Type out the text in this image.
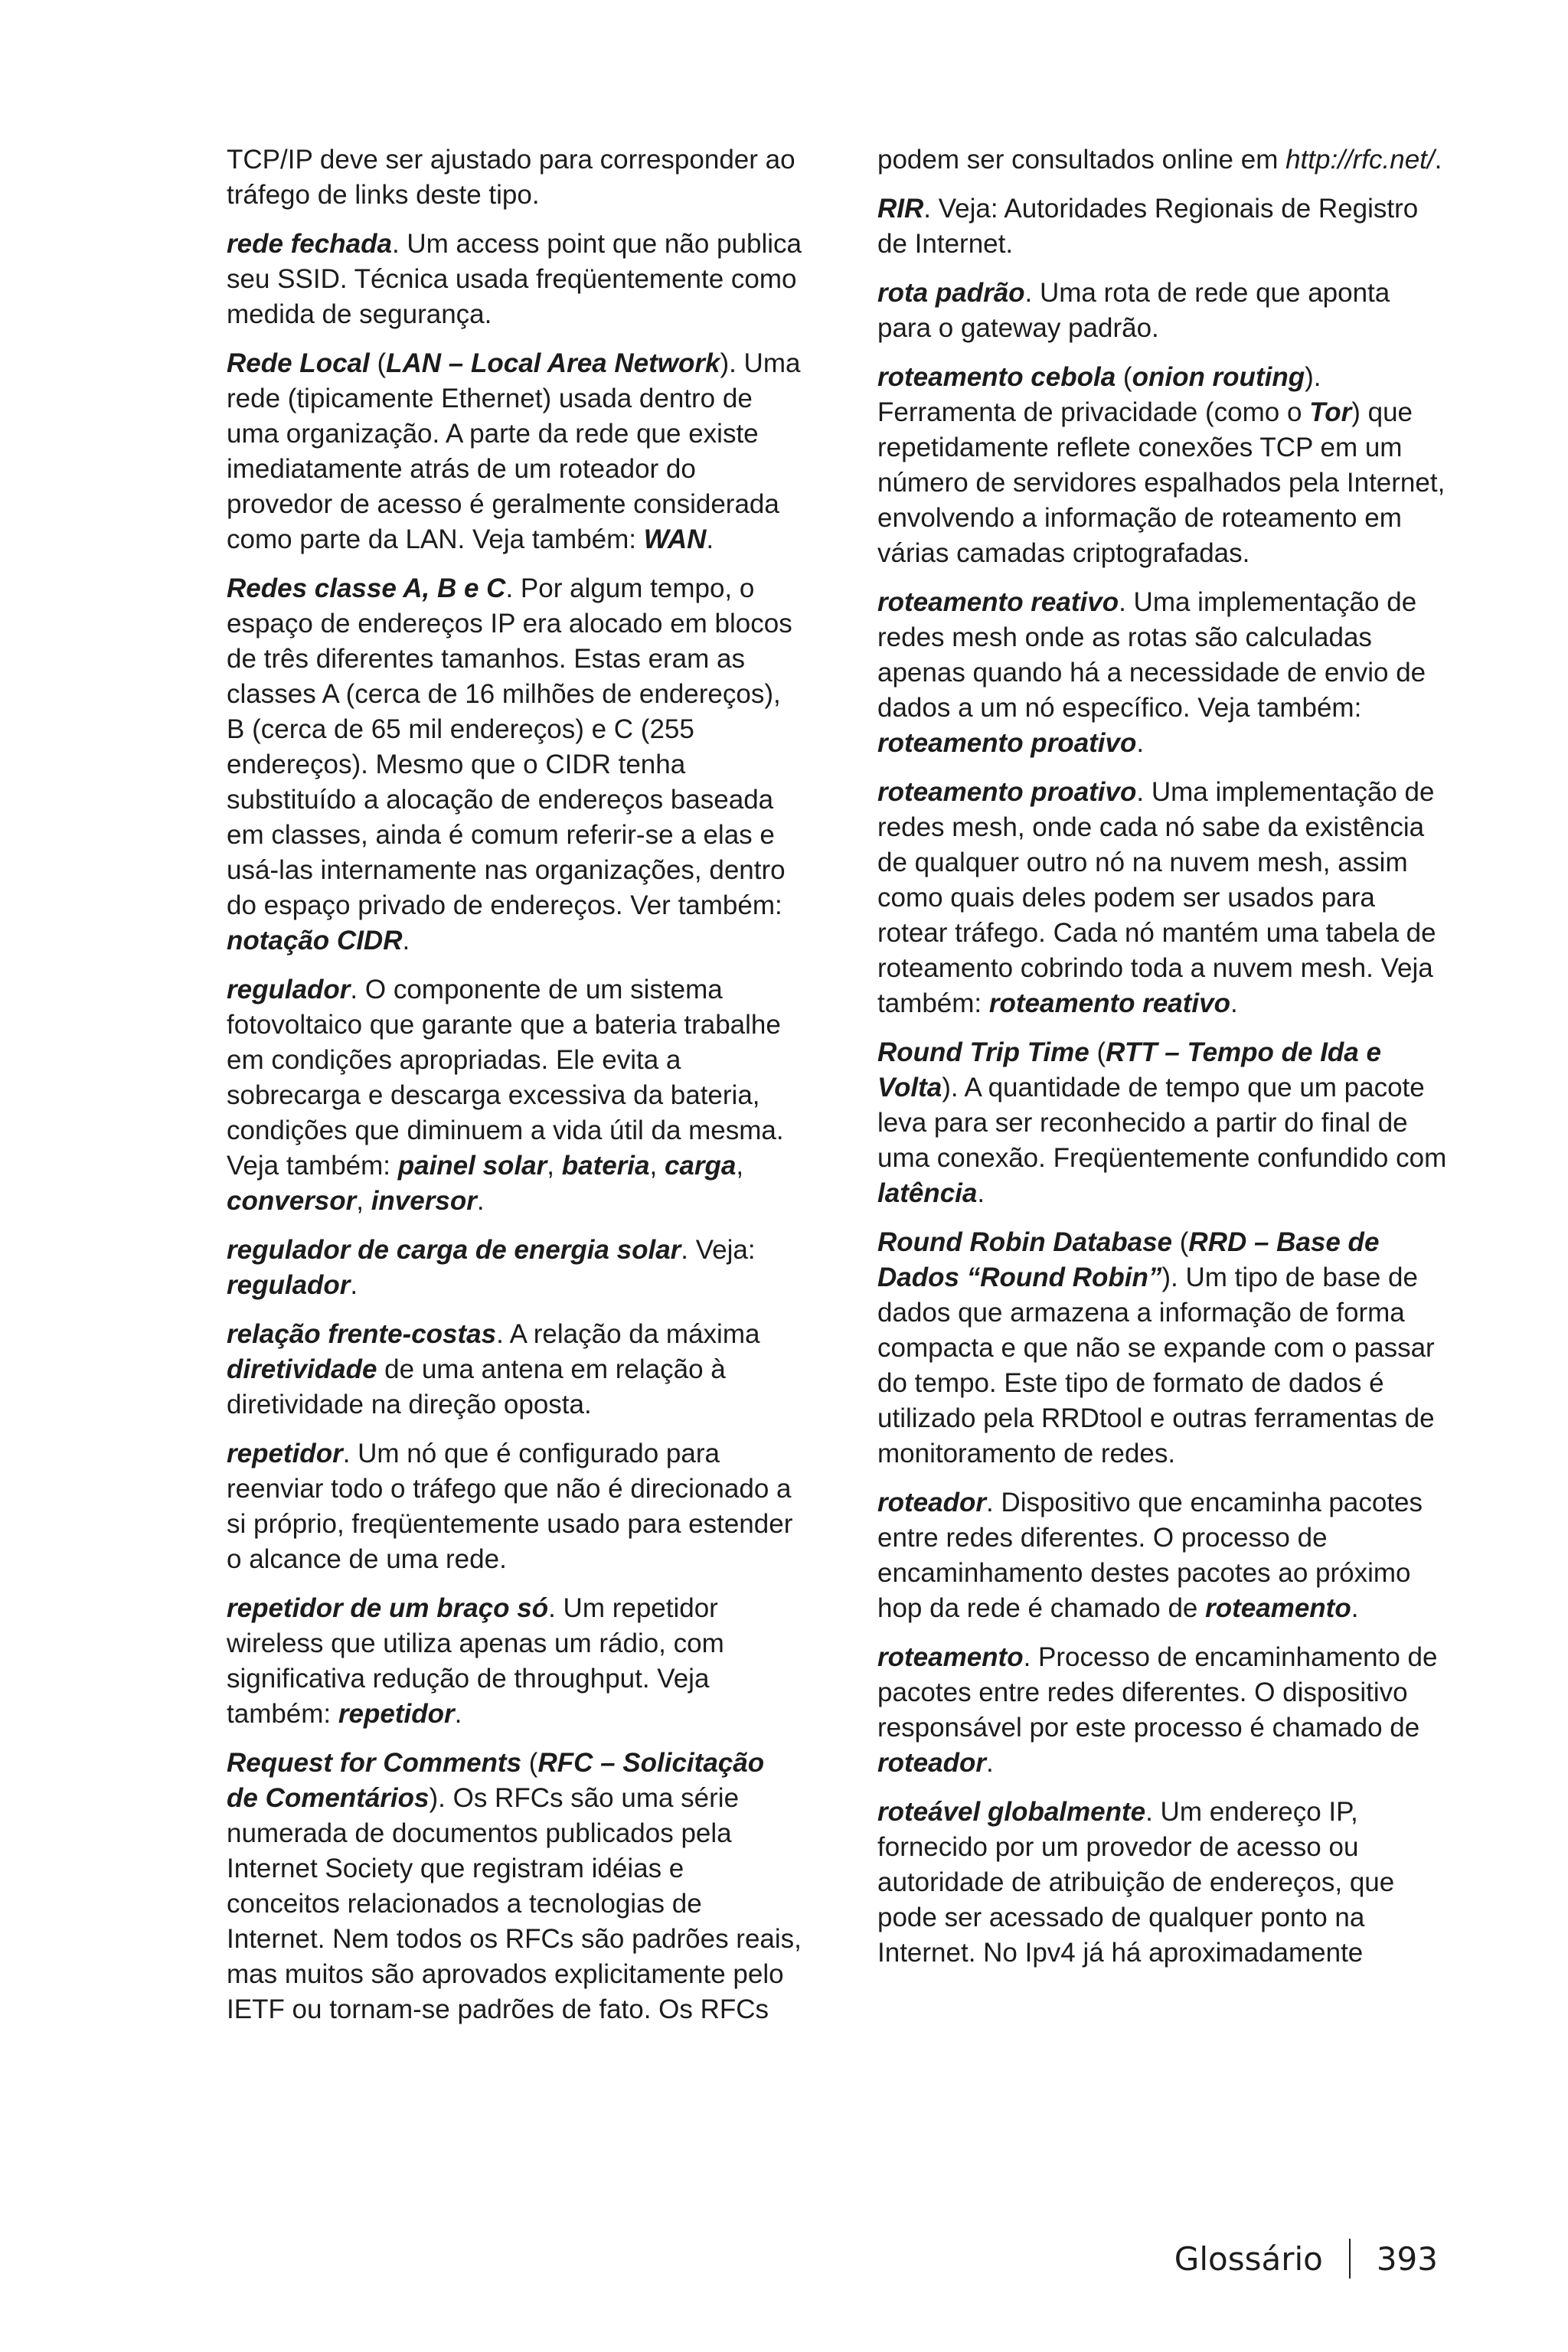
TCP/IP deve ser ajustado para corresponder ao tráfego de links deste tipo.

rede fechada. Um access point que não publica seu SSID. Técnica usada freqüentemente como medida de segurança.

Rede Local (LAN – Local Area Network). Uma rede (tipicamente Ethernet) usada dentro de uma organização. A parte da rede que existe imediatamente atrás de um roteador do provedor de acesso é geralmente considerada como parte da LAN. Veja também: WAN.

Redes classe A, B e C. Por algum tempo, o espaço de endereços IP era alocado em blocos de três diferentes tamanhos. Estas eram as classes A (cerca de 16 milhões de endereços), B (cerca de 65 mil endereços) e C (255 endereços). Mesmo que o CIDR tenha substituído a alocação de endereços baseada em classes, ainda é comum referir-se a elas e usá-las internamente nas organizações, dentro do espaço privado de endereços. Ver também: notação CIDR.

regulador. O componente de um sistema fotovoltaico que garante que a bateria trabalhe em condições apropriadas. Ele evita a sobrecarga e descarga excessiva da bateria, condições que diminuem a vida útil da mesma. Veja também: painel solar, bateria, carga, conversor, inversor.

regulador de carga de energia solar. Veja: regulador.

relação frente-costas. A relação da máxima diretividade de uma antena em relação à diretividade na direção oposta.

repetidor. Um nó que é configurado para reenviar todo o tráfego que não é direcionado a si próprio, freqüentemente usado para estender o alcance de uma rede.

repetidor de um braço só. Um repetidor wireless que utiliza apenas um rádio, com significativa redução de throughput. Veja também: repetidor.

Request for Comments (RFC – Solicitação de Comentários). Os RFCs são uma série numerada de documentos publicados pela Internet Society que registram idéias e conceitos relacionados a tecnologias de Internet. Nem todos os RFCs são padrões reais, mas muitos são aprovados explicitamente pelo IETF ou tornam-se padrões de fato. Os RFCs

podem ser consultados online em http://rfc.net/.

RIR. Veja: Autoridades Regionais de Registro de Internet.

rota padrão. Uma rota de rede que aponta para o gateway padrão.

roteamento cebola (onion routing). Ferramenta de privacidade (como o Tor) que repetidamente reflete conexões TCP em um número de servidores espalhados pela Internet, envolvendo a informação de roteamento em várias camadas criptografadas.

roteamento reativo. Uma implementação de redes mesh onde as rotas são calculadas apenas quando há a necessidade de envio de dados a um nó específico. Veja também: roteamento proativo.

roteamento proativo. Uma implementação de redes mesh, onde cada nó sabe da existência de qualquer outro nó na nuvem mesh, assim como quais deles podem ser usados para rotear tráfego. Cada nó mantém uma tabela de roteamento cobrindo toda a nuvem mesh. Veja também: roteamento reativo.

Round Trip Time (RTT – Tempo de Ida e Volta). A quantidade de tempo que um pacote leva para ser reconhecido a partir do final de uma conexão. Freqüentemente confundido com latência.

Round Robin Database (RRD – Base de Dados “Round Robin”). Um tipo de base de dados que armazena a informação de forma compacta e que não se expande com o passar do tempo. Este tipo de formato de dados é utilizado pela RRDtool e outras ferramentas de monitoramento de redes.

roteador. Dispositivo que encaminha pacotes entre redes diferentes. O processo de encaminhamento destes pacotes ao próximo hop da rede é chamado de roteamento.

roteamento. Processo de encaminhamento de pacotes entre redes diferentes. O dispositivo responsável por este processo é chamado de roteador.

roteável globalmente. Um endereço IP, fornecido por um provedor de acesso ou autoridade de atribuição de endereços, que pode ser acessado de qualquer ponto na Internet. No Ipv4 já há aproximadamente

Glossário 393
